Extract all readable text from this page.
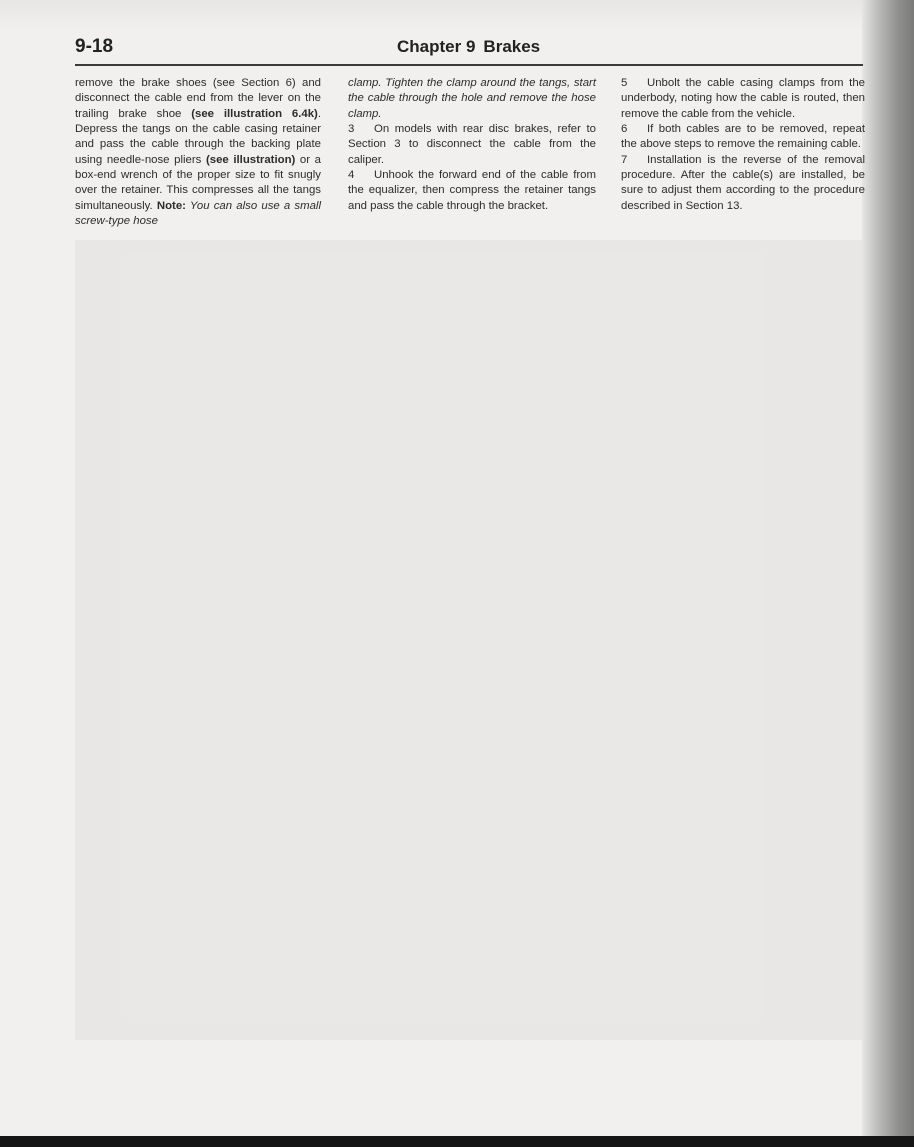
9-18	Chapter 9 Brakes

remove the brake shoes (see Section 6) and disconnect the cable end from the lever on the trailing brake shoe (see illustration 6.4k). Depress the tangs on the cable casing retainer and pass the cable through the backing plate using needle-nose pliers (see illustration) or a box-end wrench of the proper size to fit snugly over the retainer. This compresses all the tangs simultaneously. Note: You can also use a small screw-type hose

clamp. Tighten the clamp around the tangs, start the cable through the hole and remove the hose clamp.

3 On models with rear disc brakes, refer to Section 3 to disconnect the cable from the caliper.

4 Unhook the forward end of the cable from the equalizer, then compress the retainer tangs and pass the cable through the bracket.

5 Unbolt the cable casing clamps from the underbody, noting how the cable is routed, then remove the cable from the vehicle.

6 If both cables are to be removed, repeat the above steps to remove the remaining cable.

7 Installation is the reverse of the removal procedure. After the cable(s) are installed, be sure to adjust them according to the procedure described in Section 13.
